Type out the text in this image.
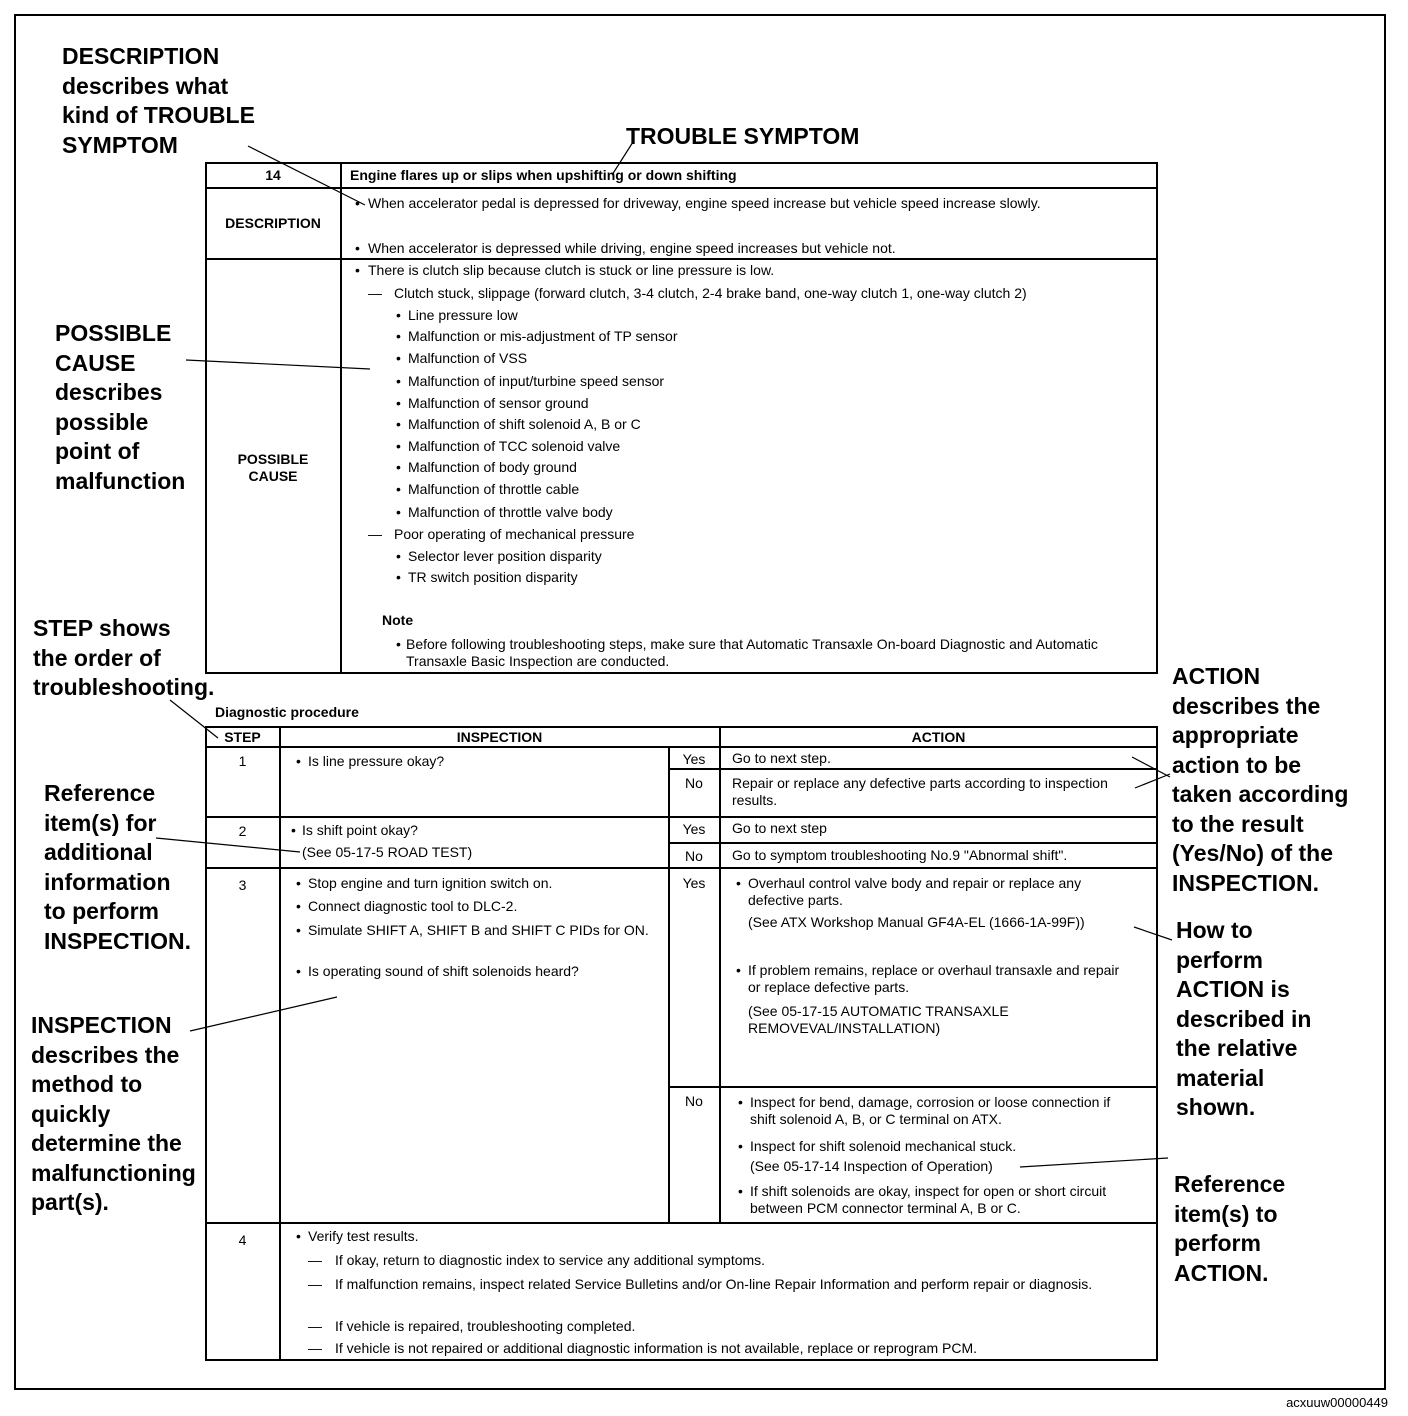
DESCRIPTION
describes what
kind of TROUBLE
SYMPTOM	TROUBLE SYMPTOM
POSSIBLE
CAUSE
describes
possible
point of
malfunction
STEP shows
the order of
troubleshooting.
Reference
item(s) for
additional
information
to perform
INSPECTION.
INSPECTION
describes the
method to
quickly
determine the
malfunctioning
part(s).
ACTION
describes the
appropriate
action to be
taken according
to the result
(Yes/No) of the
INSPECTION.
How to
perform
ACTION is
described in
the relative
material
shown.
Reference
item(s) to
perform
ACTION.
14	Engine flares up or slips when upshifting or down shifting
DESCRIPTION
• When accelerator pedal is depressed for driveway, engine speed increase but vehicle speed increase slowly.
• When accelerator is depressed while driving, engine speed increases but vehicle not.
POSSIBLE
CAUSE
• There is clutch slip because clutch is stuck or line pressure is low.
— Clutch stuck, slippage (forward clutch, 3-4 clutch, 2-4 brake band, one-way clutch 1, one-way clutch 2)
• Line pressure low
• Malfunction or mis-adjustment of TP sensor
• Malfunction of VSS
• Malfunction of input/turbine speed sensor
• Malfunction of sensor ground
• Malfunction of shift solenoid A, B or C
• Malfunction of TCC solenoid valve
• Malfunction of body ground
• Malfunction of throttle cable
• Malfunction of throttle valve body
— Poor operating of mechanical pressure
• Selector lever position disparity
• TR switch position disparity
Note
• Before following troubleshooting steps, make sure that Automatic Transaxle On-board Diagnostic and Automatic Transaxle Basic Inspection are conducted.
Diagnostic procedure
STEP	INSPECTION	ACTION
1	• Is line pressure okay?	Yes	Go to next step.
No	Repair or replace any defective parts according to inspection results.
2	• Is shift point okay?
(See 05-17-5 ROAD TEST)
Yes	Go to next step
No	Go to symptom troubleshooting No.9 "Abnormal shift".
3	• Stop engine and turn ignition switch on.
• Connect diagnostic tool to DLC-2.
• Simulate SHIFT A, SHIFT B and SHIFT C PIDs for ON.
• Is operating sound of shift solenoids heard?
Yes	• Overhaul control valve body and repair or replace any defective parts.
(See ATX Workshop Manual GF4A-EL (1666-1A-99F))
• If problem remains, replace or overhaul transaxle and repair or replace defective parts.
(See 05-17-15 AUTOMATIC TRANSAXLE REMOVEVAL/INSTALLATION)
No	• Inspect for bend, damage, corrosion or loose connection if shift solenoid A, B, or C terminal on ATX.
• Inspect for shift solenoid mechanical stuck.
(See 05-17-14 Inspection of Operation)
• If shift solenoids are okay, inspect for open or short circuit between PCM connector terminal A, B or C.
4	• Verify test results.
— If okay, return to diagnostic index to service any additional symptoms.
— If malfunction remains, inspect related Service Bulletins and/or On-line Repair Information and perform repair or diagnosis.
— If vehicle is repaired, troubleshooting completed.
— If vehicle is not repaired or additional diagnostic information is not available, replace or reprogram PCM.
acxuuw00000449
